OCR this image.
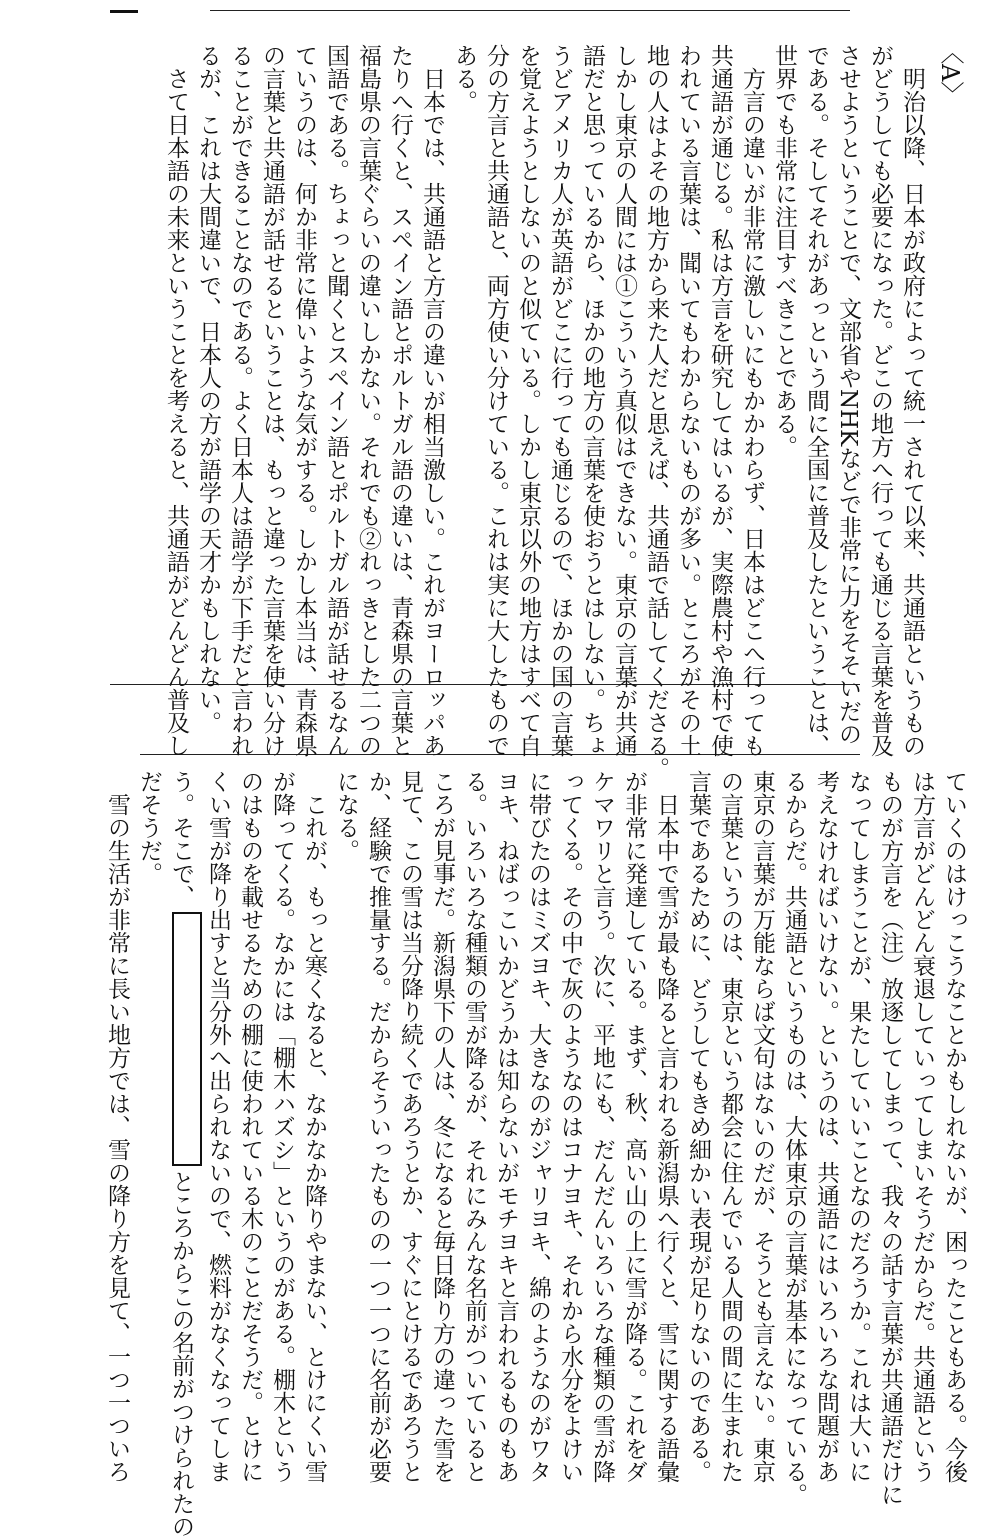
〈A〉

　明治以降、日本が政府によって統一されて以来、共通語というもの

がどうしても必要になった。どこの地方へ行っても通じる言葉を普及

させようということで、文部省やNHKなどで非常に力をそそいだの

である。そしてそれがあっという間に全国に普及したということは、

世界でも非常に注目すべきことである。

　方言の違いが非常に激しいにもかかわらず、日本はどこへ行っても

共通語が通じる。私は方言を研究してはいるが、実際農村や漁村で使

われている言葉は、聞いてもわからないものが多い。ところがその土

地の人はよその地方から来た人だと思えば、共通語で話してくださる。

しかし東京の人間には①こういう真似はできない。東京の言葉が共通

語だと思っているから、ほかの地方の言葉を使おうとはしない。ちょ

うどアメリカ人が英語がどこに行っても通じるので、ほかの国の言葉

を覚えようとしないのと似ている。しかし東京以外の地方はすべて自

分の方言と共通語と、両方使い分けている。これは実に大したもので

ある。

　日本では、共通語と方言の違いが相当激しい。これがヨーロッパあ

たりへ行くと、スペイン語とポルトガル語の違いは、青森県の言葉と

福島県の言葉ぐらいの違いしかない。それでも②れっきとした二つの

国語である。ちょっと聞くとスペイン語とポルトガル語が話せるなん

ていうのは、何か非常に偉いような気がする。しかし本当は、青森県

の言葉と共通語が話せるということは、もっと違った言葉を使い分け

ることができることなのである。よく日本人は語学が下手だと言われ

るが、これは大間違いで、日本人の方が語学の天才かもしれない。

　さて日本語の未来ということを考えると、共通語がどんどん普及し

ていくのはけっこうなことかもしれないが、困ったこともある。今後

は方言がどんどん衰退していってしまいそうだからだ。共通語という

ものが方言を（注）放逐してしまって、我々の話す言葉が共通語だけに

なってしまうことが、果たしていいことなのだろうか。これは大いに

考えなければいけない。というのは、共通語にはいろいろな問題があ

るからだ。共通語というものは、大体東京の言葉が基本になっている。

東京の言葉が万能ならば文句はないのだが、そうとも言えない。東京

の言葉というのは、東京という都会に住んでいる人間の間に生まれた

言葉であるために、どうしてもきめ細かい表現が足りないのである。

　日本中で雪が最も降ると言われる新潟県へ行くと、雪に関する語彙

が非常に発達している。まず、秋、高い山の上に雪が降る。これをダ

ケマワリと言う。次に、平地にも、だんだんいろいろな種類の雪が降

ってくる。その中で灰のようなのはコナヨキ、それから水分をよけい

に帯びたのはミズヨキ、大きなのがジャリヨキ、綿のようなのがワタ

ヨキ、ねばっこいかどうかは知らないがモチヨキと言われるものもあ

る。いろいろな種類の雪が降るが、それにみんな名前がついていると

ころが見事だ。新潟県下の人は、冬になると毎日降り方の違った雪を

見て、この雪は当分降り続くであろうとか、すぐにとけるであろうと

か、経験で推量する。だからそういったものの一つ一つに名前が必要

になる。

　これが、もっと寒くなると、なかなか降りやまない、とけにくい雪

が降ってくる。なかには「棚木ハズシ」というのがある。棚木という

のはものを載せるための棚に使われている木のことだそうだ。とけに

くい雪が降り出すと当分外へ出られないので、燃料がなくなってしま

う。そこで、ところからこの名前がつけられたの

だそうだ。

　雪の生活が非常に長い地方では、雪の降り方を見て、一つ一ついろ
